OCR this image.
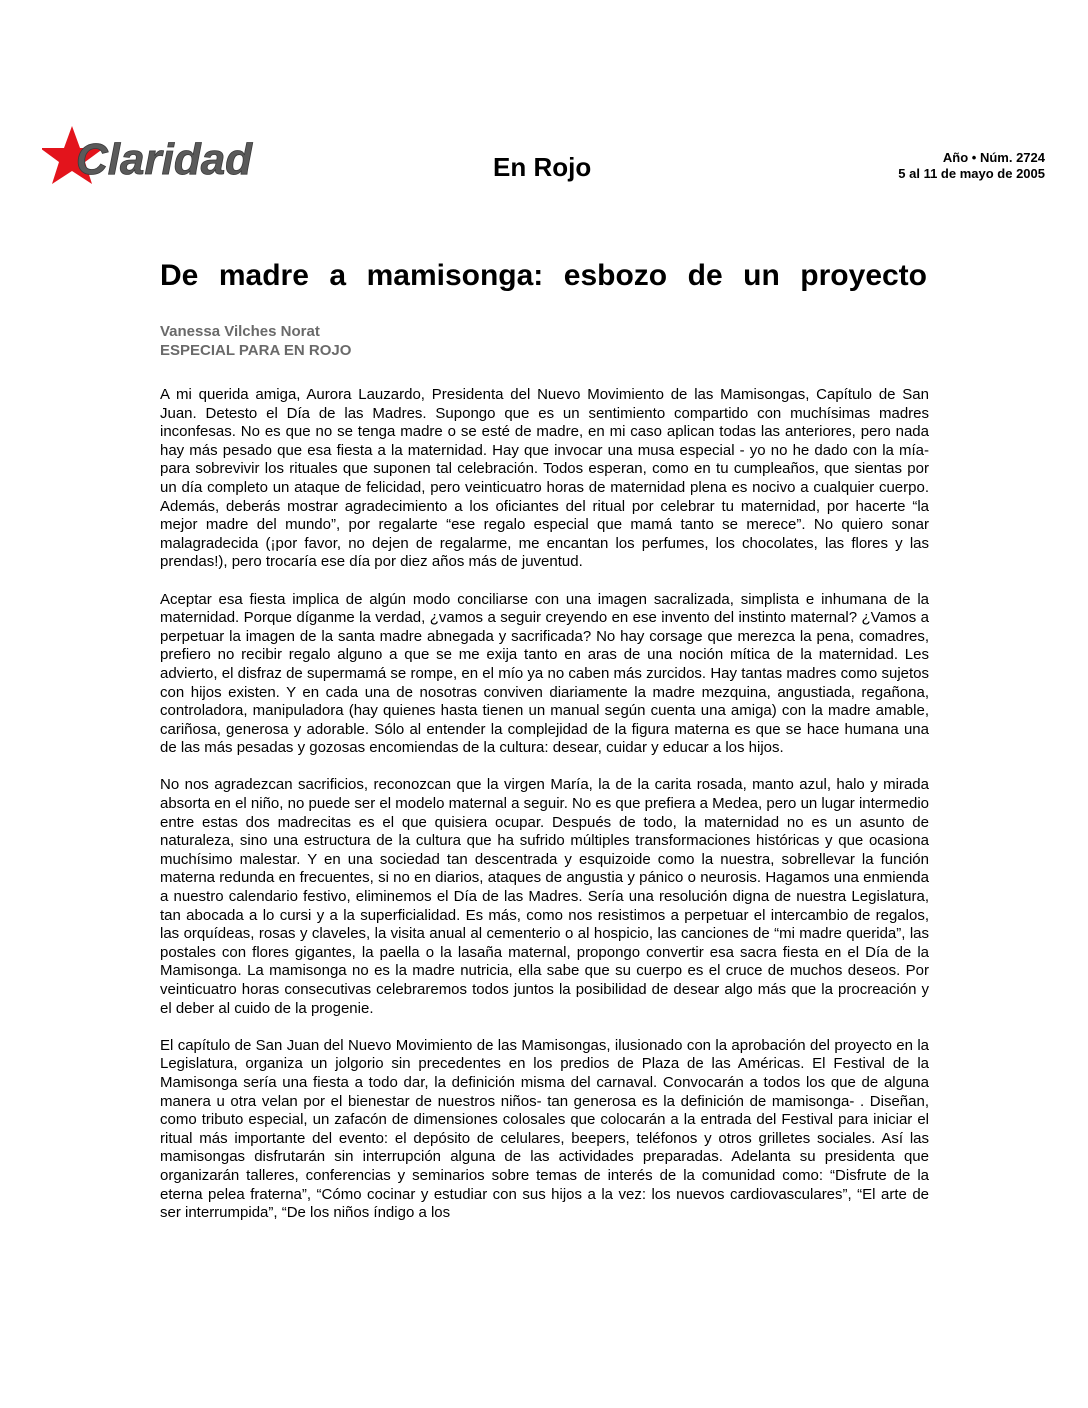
Claridad	En Rojo	Año • Núm. 2724
5 al 11 de mayo de 2005
De madre a mamisonga: esbozo de un proyecto
Vanessa Vilches Norat
ESPECIAL PARA EN ROJO

A mi querida amiga, Aurora Lauzardo, Presidenta del Nuevo Movimiento de las Mamisongas, Capítulo de San Juan. Detesto el Día de las Madres. Supongo que es un sentimiento compartido con muchísimas madres inconfesas. No es que no se tenga madre o se esté de madre, en mi caso aplican todas las anteriores, pero nada hay más pesado que esa fiesta a la maternidad. Hay que invocar una musa especial - yo no he dado con la mía- para sobrevivir los rituales que suponen tal celebración. Todos esperan, como en tu cumpleaños, que sientas por un día completo un ataque de felicidad, pero veinticuatro horas de maternidad plena es nocivo a cualquier cuerpo. Además, deberás mostrar agradecimiento a los oficiantes del ritual por celebrar tu maternidad, por hacerte “la mejor madre del mundo”, por regalarte “ese regalo especial que mamá tanto se merece”. No quiero sonar malagradecida (¡por favor, no dejen de regalarme, me encantan los perfumes, los chocolates, las flores y las prendas!), pero trocaría ese día por diez años más de juventud.

Aceptar esa fiesta implica de algún modo conciliarse con una imagen sacralizada, simplista e inhumana de la maternidad. Porque díganme la verdad, ¿vamos a seguir creyendo en ese invento del instinto maternal? ¿Vamos a perpetuar la imagen de la santa madre abnegada y sacrificada? No hay corsage que merezca la pena, comadres, prefiero no recibir regalo alguno a que se me exija tanto en aras de una noción mítica de la maternidad. Les advierto, el disfraz de supermamá se rompe, en el mío ya no caben más zurcidos. Hay tantas madres como sujetos con hijos existen. Y en cada una de nosotras conviven diariamente la madre mezquina, angustiada, regañona, controladora, manipuladora (hay quienes hasta tienen un manual según cuenta una amiga) con la madre amable, cariñosa, generosa y adorable. Sólo al entender la complejidad de la figura materna es que se hace humana una de las más pesadas y gozosas encomiendas de la cultura: desear, cuidar y educar a los hijos.

No nos agradezcan sacrificios, reconozcan que la virgen María, la de la carita rosada, manto azul, halo y mirada absorta en el niño, no puede ser el modelo maternal a seguir. No es que prefiera a Medea, pero un lugar intermedio entre estas dos madrecitas es el que quisiera ocupar. Después de todo, la maternidad no es un asunto de naturaleza, sino una estructura de la cultura que ha sufrido múltiples transformaciones históricas y que ocasiona muchísimo malestar. Y en una sociedad tan descentrada y esquizoide como la nuestra, sobrellevar la función materna redunda en frecuentes, si no en diarios, ataques de angustia y pánico o neurosis. Hagamos una enmienda a nuestro calendario festivo, eliminemos el Día de las Madres. Sería una resolución digna de nuestra Legislatura, tan abocada a lo cursi y a la superficialidad. Es más, como nos resistimos a perpetuar el intercambio de regalos, las orquídeas, rosas y claveles, la visita anual al cementerio o al hospicio, las canciones de “mi madre querida”, las postales con flores gigantes, la paella o la lasaña maternal, propongo convertir esa sacra fiesta en el Día de la Mamisonga. La mamisonga no es la madre nutricia, ella sabe que su cuerpo es el cruce de muchos deseos. Por veinticuatro horas consecutivas celebraremos todos juntos la posibilidad de desear algo más que la procreación y el deber al cuido de la progenie.

El capítulo de San Juan del Nuevo Movimiento de las Mamisongas, ilusionado con la aprobación del proyecto en la Legislatura, organiza un jolgorio sin precedentes en los predios de Plaza de las Américas. El Festival de la Mamisonga sería una fiesta a todo dar, la definición misma del carnaval. Convocarán a todos los que de alguna manera u otra velan por el bienestar de nuestros niños- tan generosa es la definición de mamisonga- . Diseñan, como tributo especial, un zafacón de dimensiones colosales que colocarán a la entrada del Festival para iniciar el ritual más importante del evento: el depósito de celulares, beepers, teléfonos y otros grilletes sociales. Así las mamisongas disfrutarán sin interrupción alguna de las actividades preparadas. Adelanta su presidenta que organizarán talleres, conferencias y seminarios sobre temas de interés de la comunidad como: “Disfrute de la eterna pelea fraterna”, “Cómo cocinar y estudiar con sus hijos a la vez: los nuevos cardiovasculares”, “El arte de ser interrumpida”, “De los niños índigo a los
